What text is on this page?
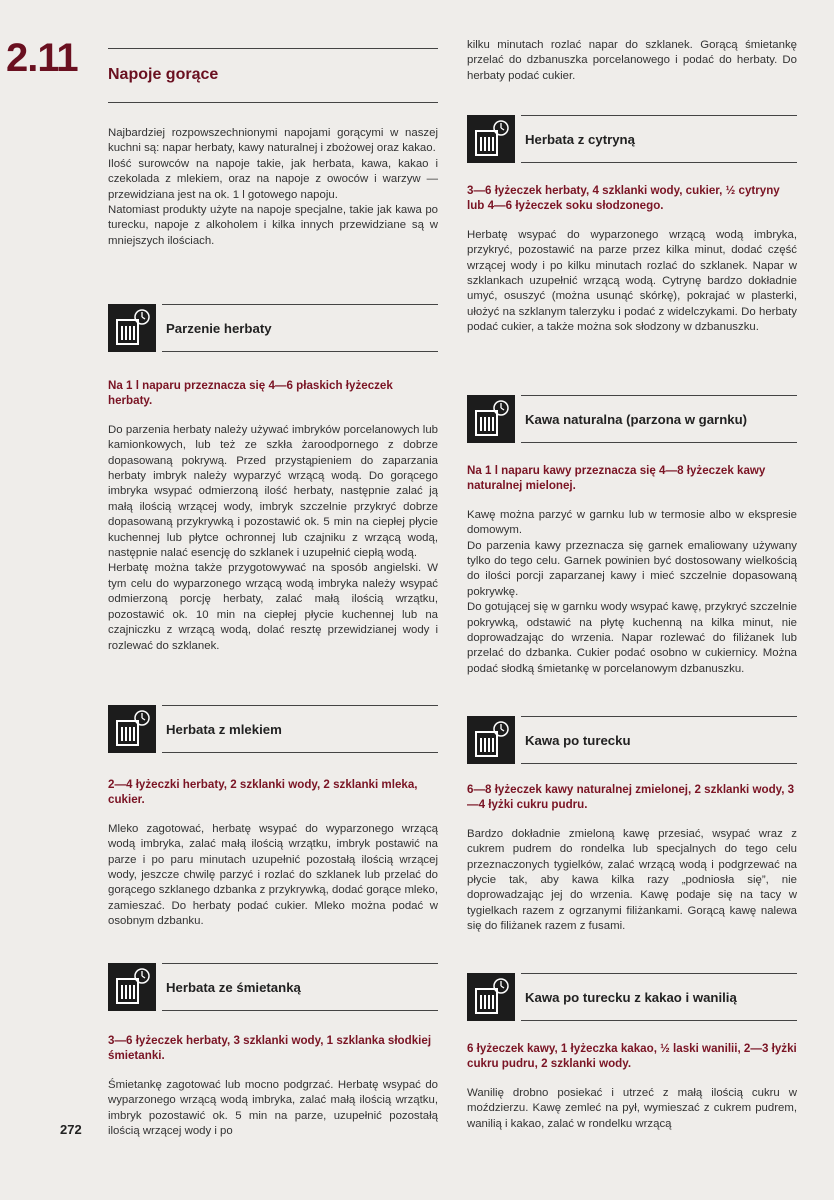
2.11 Napoje gorące
272

Najbardziej rozpowszechnionymi napojami gorącymi w naszej kuchni są: napar herbaty, kawy naturalnej i zbożowej oraz kakao.

Ilość surowców na napoje takie, jak herbata, kawa, kakao i czekolada z mlekiem, oraz na napoje z owoców i warzyw — przewidziana jest na ok. 1 l gotowego napoju.

Natomiast produkty użyte na napoje specjalne, takie jak kawa po turecku, napoje z alkoholem i kilka innych przewidziane są w mniejszych ilościach.

Parzenie herbaty

Na 1 l naparu przeznacza się 4—6 płaskich łyżeczek herbaty.

Do parzenia herbaty należy używać imbryków porcelanowych lub kamionkowych, lub też ze szkła żaroodpornego z dobrze dopasowaną pokrywą. Przed przystąpieniem do zaparzania herbaty imbryk należy wyparzyć wrzącą wodą. Do gorącego imbryka wsypać odmierzoną ilość herbaty, następnie zalać ją małą ilością wrzącej wody, imbryk szczelnie przykryć dobrze dopasowaną przykrywką i pozostawić ok. 5 min na ciepłej płycie kuchennej lub płytce ochronnej lub czajniku z wrzącą wodą, następnie nalać esencję do szklanek i uzupełnić ciepłą wodą.

Herbatę można także przygotowywać na sposób angielski. W tym celu do wyparzonego wrzącą wodą imbryka należy wsypać odmierzoną porcję herbaty, zalać małą ilością wrzątku, pozostawić ok. 10 min na ciepłej płycie kuchennej lub na czajniczku z wrzącą wodą, dolać resztę przewidzianej wody i rozlewać do szklanek.

Herbata z mlekiem

2—4 łyżeczki herbaty, 2 szklanki wody, 2 szklanki mleka, cukier.

Mleko zagotować, herbatę wsypać do wyparzonego wrzącą wodą imbryka, zalać małą ilością wrzątku, imbryk postawić na parze i po paru minutach uzupełnić pozostałą ilością wrzącej wody, jeszcze chwilę parzyć i rozlać do szklanek lub przelać do gorącego szklanego dzbanka z przykrywką, dodać gorące mleko, zamieszać. Do herbaty podać cukier. Mleko można podać w osobnym dzbanku.

Herbata ze śmietanką

3—6 łyżeczek herbaty, 3 szklanki wody, 1 szklanka słodkiej śmietanki.

Śmietankę zagotować lub mocno podgrzać. Herbatę wsypać do wyparzonego wrzącą wodą imbryka, zalać małą ilością wrzątku, imbryk pozostawić ok. 5 min na parze, uzupełnić pozostałą ilością wrzącej wody i po

kilku minutach rozlać napar do szklanek. Gorącą śmietankę przelać do dzbanuszka porcelanowego i podać do herbaty. Do herbaty podać cukier.

Herbata z cytryną

3—6 łyżeczek herbaty, 4 szklanki wody, cukier, ½ cytryny lub 4—6 łyżeczek soku słodzonego.

Herbatę wsypać do wyparzonego wrzącą wodą imbryka, przykryć, pozostawić na parze przez kilka minut, dodać część wrzącej wody i po kilku minutach rozlać do szklanek. Napar w szklankach uzupełnić wrzącą wodą. Cytrynę bardzo dokładnie umyć, osuszyć (można usunąć skórkę), pokrajać w plasterki, ułożyć na szklanym talerzyku i podać z widelczykami. Do herbaty podać cukier, a także można sok słodzony w dzbanuszku.

Kawa naturalna (parzona w garnku)

Na 1 l naparu kawy przeznacza się 4—8 łyżeczek kawy naturalnej mielonej.

Kawę można parzyć w garnku lub w termosie albo w ekspresie domowym.

Do parzenia kawy przeznacza się garnek emaliowany używany tylko do tego celu. Garnek powinien być dostosowany wielkością do ilości porcji zaparzanej kawy i mieć szczelnie dopasowaną pokrywkę.

Do gotującej się w garnku wody wsypać kawę, przykryć szczelnie pokrywką, odstawić na płytę kuchenną na kilka minut, nie doprowadzając do wrzenia. Napar rozlewać do filiżanek lub przelać do dzbanka. Cukier podać osobno w cukiernicy. Można podać słodką śmietankę w porcelanowym dzbanuszku.

Kawa po turecku

6—8 łyżeczek kawy naturalnej zmielonej, 2 szklanki wody, 3—4 łyżki cukru pudru.

Bardzo dokładnie zmieloną kawę przesiać, wsypać wraz z cukrem pudrem do rondelka lub specjalnych do tego celu przeznaczonych tygielków, zalać wrzącą wodą i podgrzewać na płycie tak, aby kawa kilka razy „podniosła się”, nie doprowadzając jej do wrzenia. Kawę podaje się na tacy w tygielkach razem z ogrzanymi filiżankami. Gorącą kawę nalewa się do filiżanek razem z fusami.

Kawa po turecku z kakao i wanilią

6 łyżeczek kawy, 1 łyżeczka kakao, ½ laski wanilii, 2—3 łyżki cukru pudru, 2 szklanki wody.

Wanilię drobno posiekać i utrzeć z małą ilością cukru w moździerzu. Kawę zemleć na pył, wymieszać z cukrem pudrem, wanilią i kakao, zalać w rondelku wrzącą
